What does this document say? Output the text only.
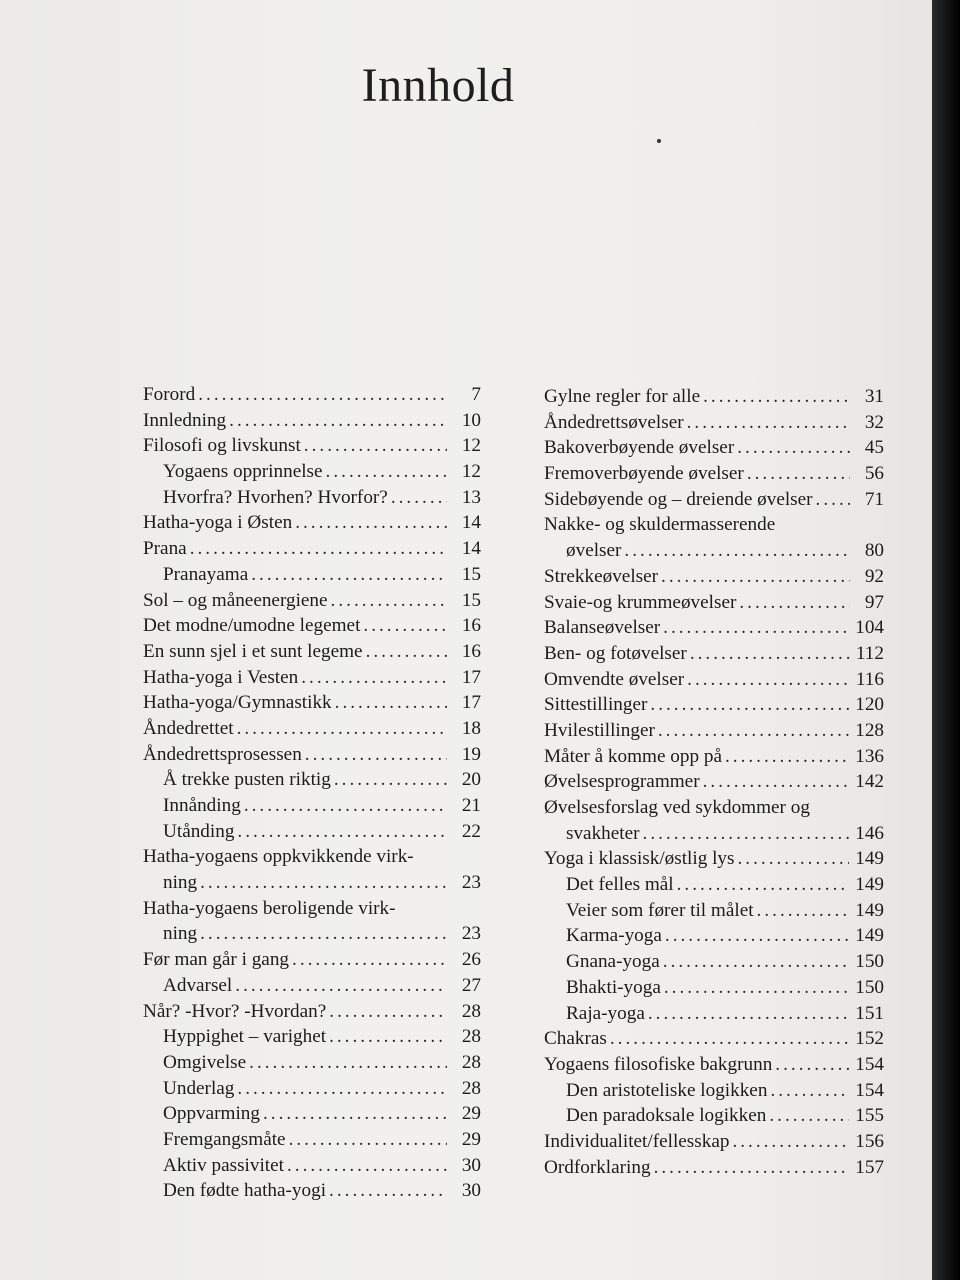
Innhold
Forord .....	7
Innledning .....	10
Filosofi og livskunst .....	12
Yogaens opprinnelse .....	12
Hvorfra? Hvorhen? Hvorfor? .....	13
Hatha-yoga i Østen .....	14
Prana .....	14
Pranayama .....	15
Sol – og måneenergiene .....	15
Det modne/umodne legemet .....	16
En sunn sjel i et sunt legeme .....	16
Hatha-yoga i Vesten .....	17
Hatha-yoga/Gymnastikk .....	17
Åndedrettet .....	18
Åndedrettsprosessen .....	19
Å trekke pusten riktig .....	20
Innånding .....	21
Utånding .....	22
Hatha-yogaens oppkvikkende virk-
ning .....	23
Hatha-yogaens beroligende virk-
ning .....	23
Før man går i gang .....	26
Advarsel .....	27
Når? -Hvor? -Hvordan? .....	28
Hyppighet – varighet .....	28
Omgivelse .....	28
Underlag .....	28
Oppvarming .....	29
Fremgangsmåte .....	29
Aktiv passivitet .....	30
Den fødte hatha-yogi .....	30
Gylne regler for alle .....	31
Åndedrettsøvelser .....	32
Bakoverbøyende øvelser .....	45
Fremoverbøyende øvelser .....	56
Sidebøyende og – dreiende øvelser .....	71
Nakke- og skuldermasserende
øvelser .....	80
Strekkeøvelser .....	92
Svaie-og krummeøvelser .....	97
Balanseøvelser .....	104
Ben- og fotøvelser .....	112
Omvendte øvelser .....	116
Sittestillinger .....	120
Hvilestillinger .....	128
Måter å komme opp på .....	136
Øvelsesprogrammer .....	142
Øvelsesforslag ved sykdommer og
svakheter .....	146
Yoga i klassisk/østlig lys .....	149
Det felles mål .....	149
Veier som fører til målet .....	149
Karma-yoga .....	149
Gnana-yoga .....	150
Bhakti-yoga .....	150
Raja-yoga .....	151
Chakras .....	152
Yogaens filosofiske bakgrunn .....	154
Den aristoteliske logikken .....	154
Den paradoksale logikken .....	155
Individualitet/fellesskap .....	156
Ordforklaring .....	157
